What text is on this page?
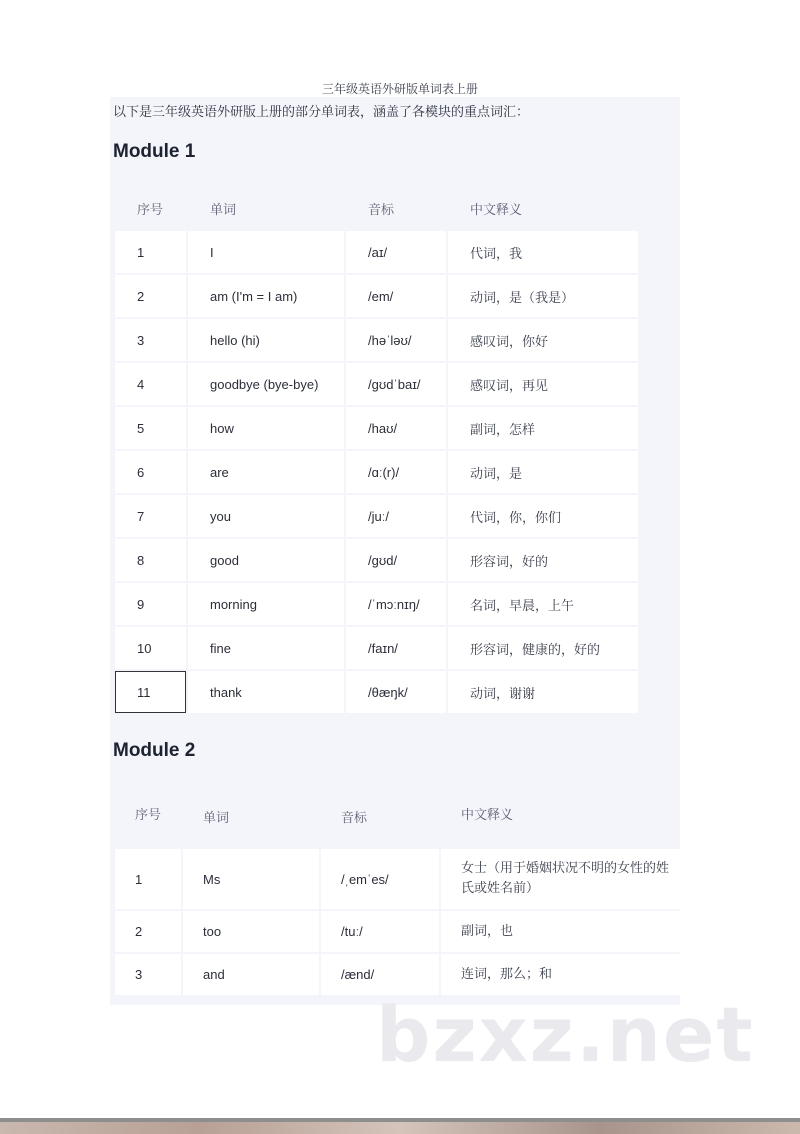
三年级英语外研版单词表上册
以下是三年级英语外研版上册的部分单词表，涵盖了各模块的重点词汇：
Module 1
序号	单词	音标	中文释义
1	I	/aɪ/	代词，我
2	am (I'm = I am)	/em/	动词，是（我是）
3	hello (hi)	/həˈləʊ/	感叹词，你好
4	goodbye (bye-bye)	/ɡʊdˈbaɪ/	感叹词，再见
5	how	/haʊ/	副词，怎样
6	are	/ɑː(r)/	动词，是
7	you	/juː/	代词，你，你们
8	good	/ɡʊd/	形容词，好的
9	morning	/ˈmɔːnɪŋ/	名词，早晨，上午
10	fine	/faɪn/	形容词，健康的，好的
11	thank	/θæŋk/	动词，谢谢
Module 2
序号	单词	音标	中文释义
1	Ms	/ˌemˈes/	女士（用于婚姻状况不明的女性的姓氏或姓名前）
2	too	/tuː/	副词，也
3	and	/ænd/	连词，那么；和
bzxz.net
